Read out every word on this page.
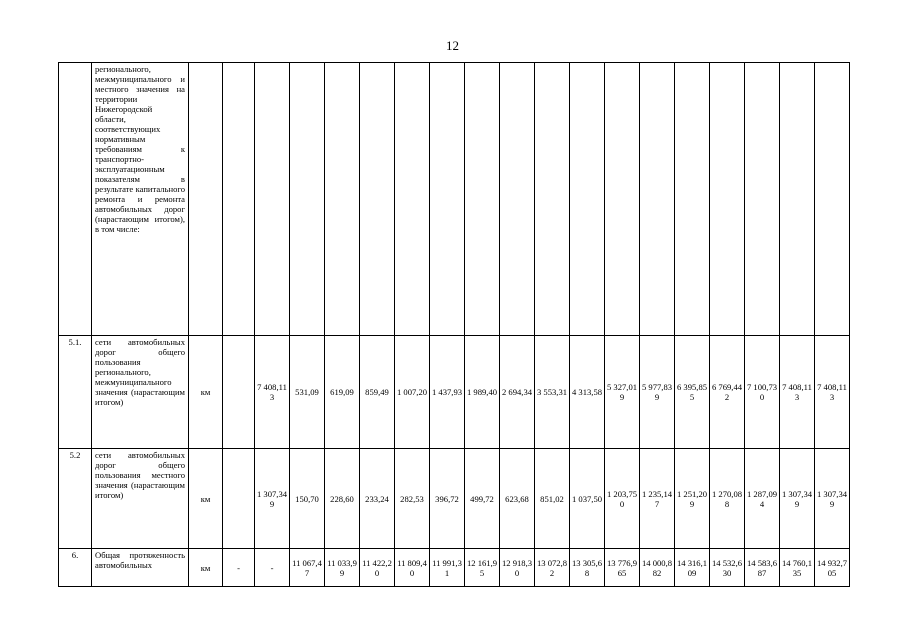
12
	регионального, межмуниципального и местного значения на территории Нижегородской области, соответствующих нормативным требованиям к транспортно-эксплуатационным показателям в результате капитального ремонта и ремонта автомобильных дорог (нарастающим итогом), в том числе:																			
5.1.	сети автомобильных дорог общего пользования регионального, межмуниципального значения (нарастающим итогом)	км		7 408,113	531,09	619,09	859,49	1 007,20	1 437,93	1 989,40	2 694,34	3 553,31	4 313,58	5 327,019	5 977,839	6 395,855	6 769,442	7 100,730	7 408,113	7 408,113
5.2	сети автомобильных дорог общего пользования местного значения (нарастающим итогом)	км		1 307,349	150,70	228,60	233,24	282,53	396,72	499,72	623,68	851,02	1 037,50	1 203,750	1 235,147	1 251,209	1 270,088	1 287,094	1 307,349	1 307,349
6.	Общая протяженность автомобильных	км	-	-	11 067,47	11 033,99	11 422,20	11 809,40	11 991,31	12 161,95	12 918,30	13 072,82	13 305,68	13 776,965	14 000,882	14 316,109	14 532,630	14 583,687	14 760,135	14 932,705
